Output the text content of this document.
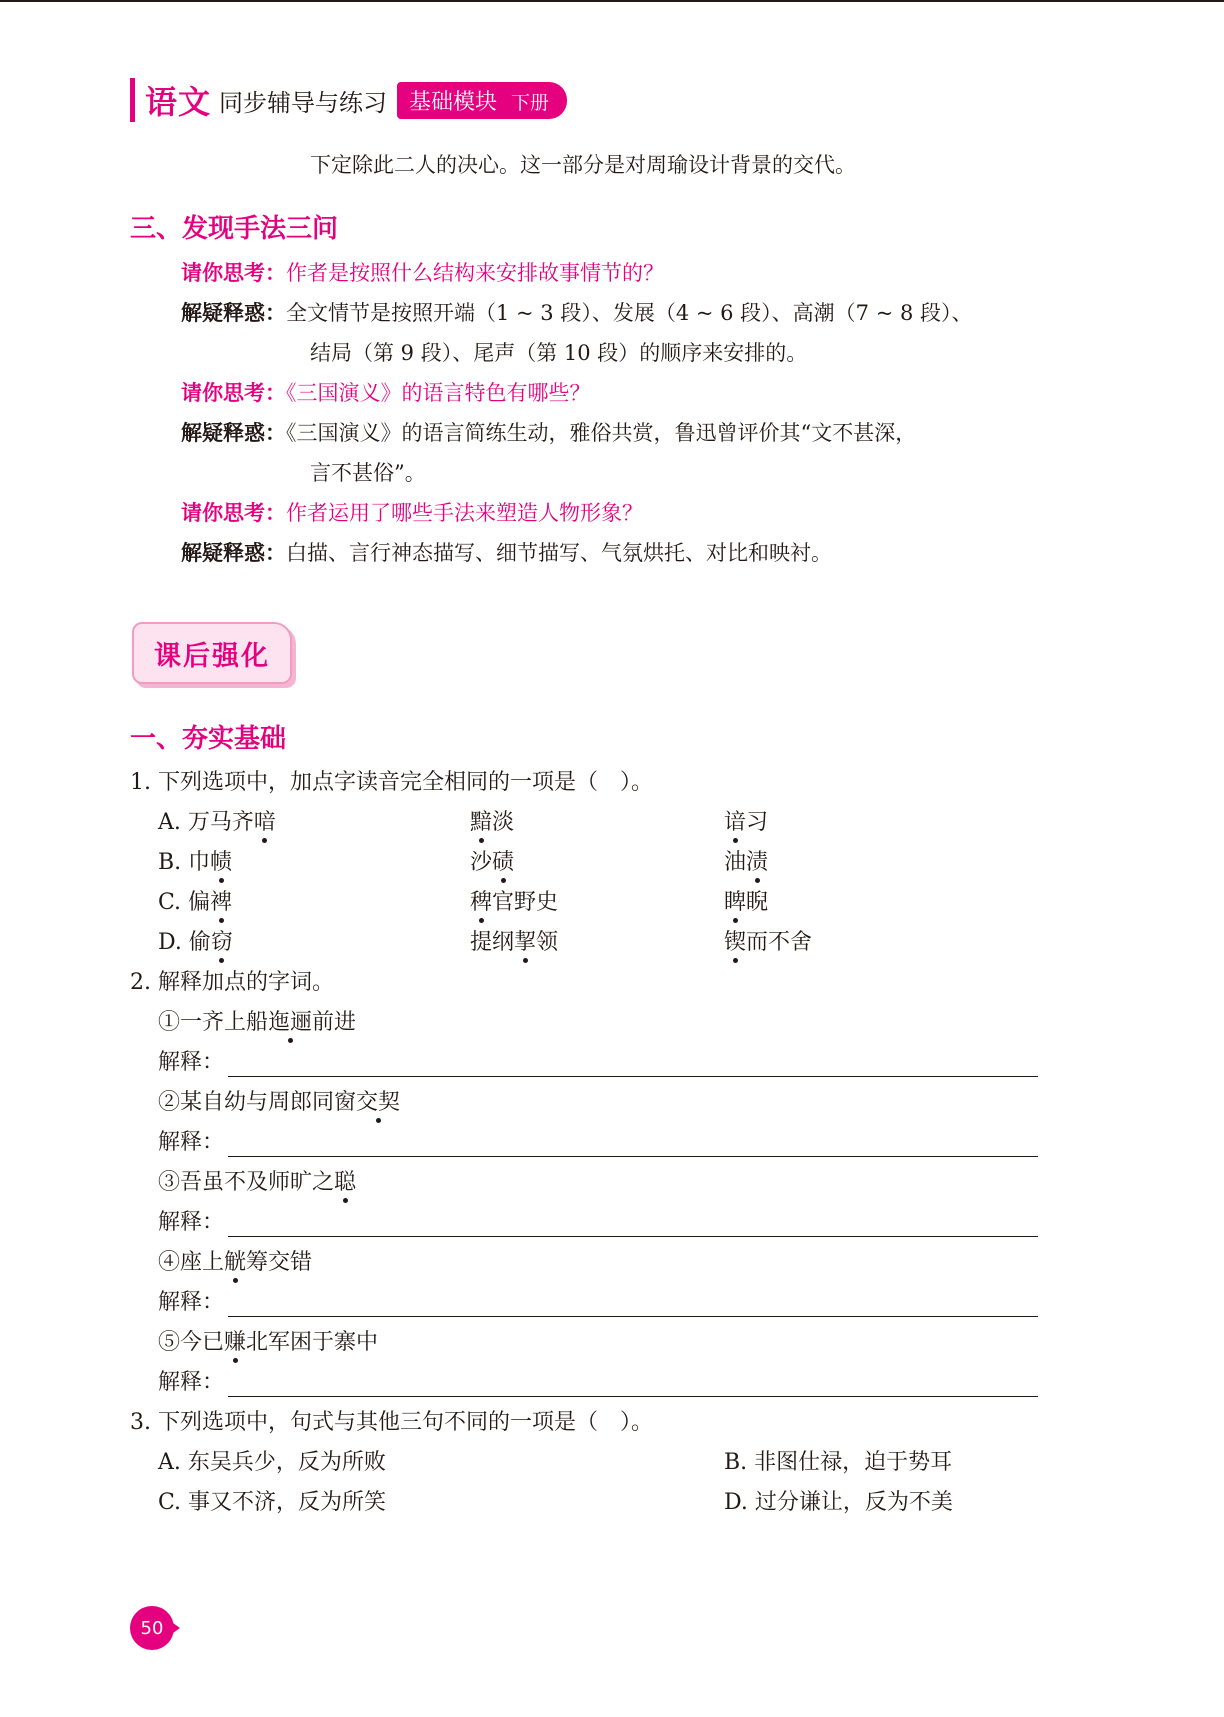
语文 同步辅导与练习	基础模块 下册
下定除此二人的决心。这一部分是对周瑜设计背景的交代。
三、发现手法三问
请你思考：作者是按照什么结构来安排故事情节的？
解疑释惑：全文情节是按照开端（1 ~ 3 段）、发展（4 ~ 6 段）、高潮（7 ~ 8 段）、
结局（第 9 段）、尾声（第 10 段）的顺序来安排的。
请你思考：《三国演义》的语言特色有哪些？
解疑释惑：《三国演义》的语言简练生动，雅俗共赏，鲁迅曾评价其“文不甚深，
言不甚俗”。
请你思考：作者运用了哪些手法来塑造人物形象？
解疑释惑：白描、言行神态描写、细节描写、气氛烘托、对比和映衬。
课后强化
一、夯实基础
1. 下列选项中，加点字读音完全相同的一项是（　）。
A. 万马齐喑	黯淡	谙习
B. 巾帻	沙碛	油渍
C. 偏裨	稗官野史	睥睨
D. 偷窃	提纲挈领	锲而不舍
2. 解释加点的字词。
①一齐上船迤逦前进
解释：
②某自幼与周郎同窗交契
解释：
③吾虽不及师旷之聪
解释：
④座上觥筹交错
解释：
⑤今已赚北军困于寨中
解释：
3. 下列选项中，句式与其他三句不同的一项是（　）。
A. 东吴兵少，反为所败	B. 非图仕禄，迫于势耳
C. 事又不济，反为所笑	D. 过分谦让，反为不美
50
